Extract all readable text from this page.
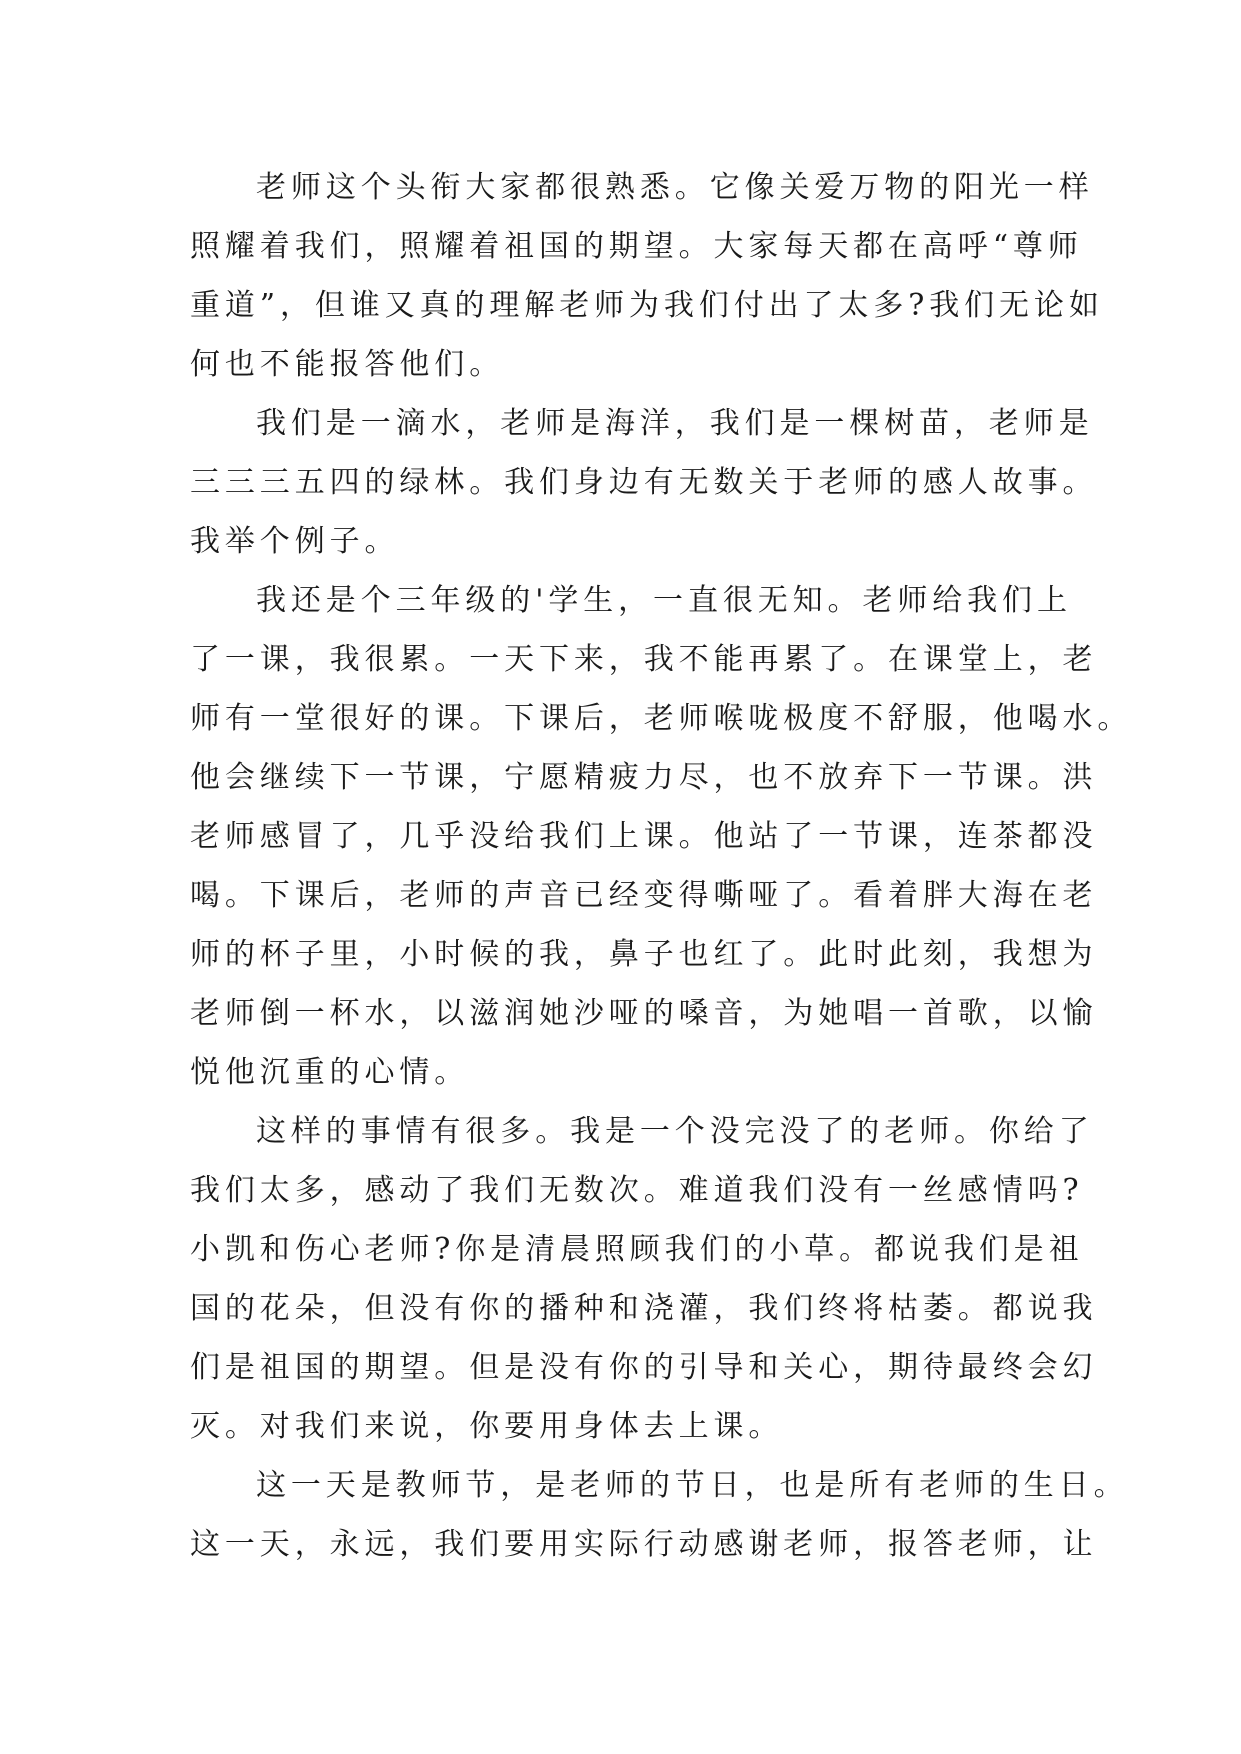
老师这个头衔大家都很熟悉。它像关爱万物的阳光一样
照耀着我们，照耀着祖国的期望。大家每天都在高呼“尊师
重道”，但谁又真的理解老师为我们付出了太多?我们无论如
何也不能报答他们。
我们是一滴水，老师是海洋，我们是一棵树苗，老师是
三三三五四的绿林。我们身边有无数关于老师的感人故事。
我举个例子。
我还是个三年级的'学生，一直很无知。老师给我们上
了一课，我很累。一天下来，我不能再累了。在课堂上，老
师有一堂很好的课。下课后，老师喉咙极度不舒服，他喝水。
他会继续下一节课，宁愿精疲力尽，也不放弃下一节课。洪
老师感冒了，几乎没给我们上课。他站了一节课，连茶都没
喝。下课后，老师的声音已经变得嘶哑了。看着胖大海在老
师的杯子里，小时候的我，鼻子也红了。此时此刻，我想为
老师倒一杯水，以滋润她沙哑的嗓音，为她唱一首歌，以愉
悦他沉重的心情。
这样的事情有很多。我是一个没完没了的老师。你给了
我们太多，感动了我们无数次。难道我们没有一丝感情吗?
小凯和伤心老师?你是清晨照顾我们的小草。都说我们是祖
国的花朵，但没有你的播种和浇灌，我们终将枯萎。都说我
们是祖国的期望。但是没有你的引导和关心，期待最终会幻
灭。对我们来说，你要用身体去上课。
这一天是教师节，是老师的节日，也是所有老师的生日。
这一天，永远，我们要用实际行动感谢老师，报答老师，让
